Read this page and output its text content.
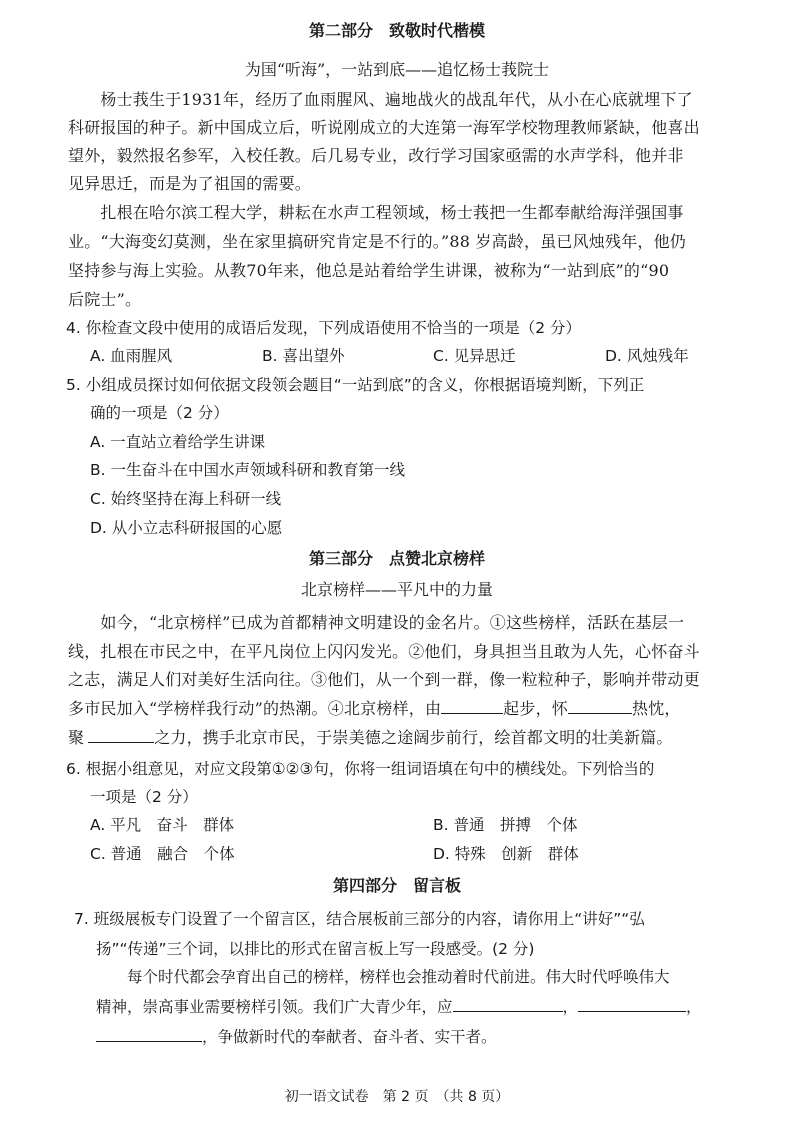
第二部分　致敬时代楷模
为国“听海”，一站到底——追忆杨士莪院士
　　杨士莪生于1931年，经历了血雨腥风、遍地战火的战乱年代，从小在心底就埋下了
科研报国的种子。新中国成立后，听说刚成立的大连第一海军学校物理教师紧缺，他喜出
望外，毅然报名参军，入校任教。后几易专业，改行学习国家亟需的水声学科，他并非
见异思迁，而是为了祖国的需要。
　　扎根在哈尔滨工程大学，耕耘在水声工程领域，杨士莪把一生都奉献给海洋强国事
业。“大海变幻莫测，坐在家里搞研究肯定是不行的。”88 岁高龄，虽已风烛残年，他仍
坚持参与海上实验。从教70年来，他总是站着给学生讲课，被称为“一站到底”的“90
后院士”。
4. 你检查文段中使用的成语后发现，下列成语使用不恰当的一项是（2 分）
A. 血雨腥风	B. 喜出望外	C. 见异思迁	D. 风烛残年
5. 小组成员探讨如何依据文段领会题目“一站到底”的含义，你根据语境判断，下列正
确的一项是（2 分）
A. 一直站立着给学生讲课
B. 一生奋斗在中国水声领域科研和教育第一线
C. 始终坚持在海上科研一线
D. 从小立志科研报国的心愿
第三部分　点赞北京榜样
北京榜样——平凡中的力量
　　如今，“北京榜样”已成为首都精神文明建设的金名片。①这些榜样，活跃在基层一
线，扎根在市民之中，在平凡岗位上闪闪发光。②他们，身具担当且敢为人先，心怀奋斗
之志，满足人们对美好生活向往。③他们，从一个到一群，像一粒粒种子，影响并带动更
多市民加入“学榜样我行动”的热潮。④北京榜样，由	起步，怀	热忱，
聚	之力，携手北京市民，于崇美德之途阔步前行，绘首都文明的壮美新篇。
6. 根据小组意见，对应文段第①②③句，你将一组词语填在句中的横线处。下列恰当的
一项是（2 分）
A. 平凡　奋斗　群体	B. 普通　拼搏　个体
C. 普通　融合　个体	D. 特殊　创新　群体
第四部分　留言板
7. 班级展板专门设置了一个留言区，结合展板前三部分的内容，请你用上“讲好”“弘
扬”“传递”三个词，以排比的形式在留言板上写一段感受。(2 分)
　　每个时代都会孕育出自己的榜样，榜样也会推动着时代前进。伟大时代呼唤伟大
精神，崇高事业需要榜样引领。我们广大青少年，应	，	，
，争做新时代的奉献者、奋斗者、实干者。
初一语文试卷　第 2 页　（共 8 页）
